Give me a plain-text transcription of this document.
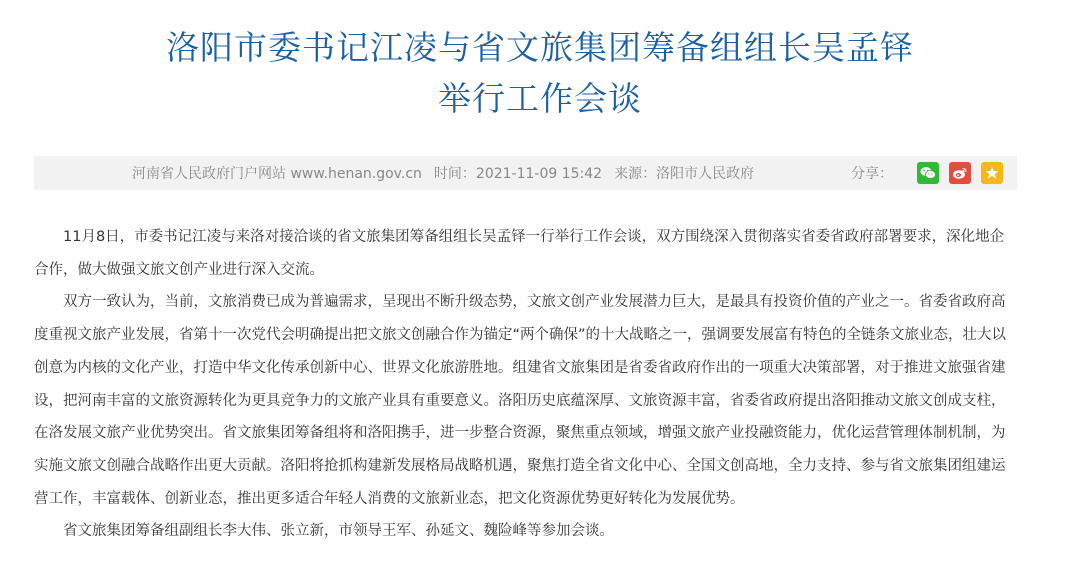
洛阳市委书记江凌与省文旅集团筹备组组长吴孟铎
举行工作会谈
河南省人民政府门户网站 www.henan.gov.cn 时间：2021-11-09 15:42 来源：洛阳市人民政府	分享：

11月8日，市委书记江凌与来洛对接洽谈的省文旅集团筹备组组长吴孟铎一行举行工作会谈，双方围绕深入贯彻落实省委省政府部署要求，深化地企合作，做大做强文旅文创产业进行深入交流。

双方一致认为，当前，文旅消费已成为普遍需求，呈现出不断升级态势，文旅文创产业发展潜力巨大，是最具有投资价值的产业之一。省委省政府高度重视文旅产业发展，省第十一次党代会明确提出把文旅文创融合作为锚定“两个确保”的十大战略之一，强调要发展富有特色的全链条文旅业态，壮大以创意为内核的文化产业，打造中华文化传承创新中心、世界文化旅游胜地。组建省文旅集团是省委省政府作出的一项重大决策部署，对于推进文旅强省建设，把河南丰富的文旅资源转化为更具竞争力的文旅产业具有重要意义。洛阳历史底蕴深厚、文旅资源丰富，省委省政府提出洛阳推动文旅文创成支柱，在洛发展文旅产业优势突出。省文旅集团筹备组将和洛阳携手，进一步整合资源，聚焦重点领域，增强文旅产业投融资能力，优化运营管理体制机制，为实施文旅文创融合战略作出更大贡献。洛阳将抢抓构建新发展格局战略机遇，聚焦打造全省文化中心、全国文创高地，全力支持、参与省文旅集团组建运营工作，丰富载体、创新业态，推出更多适合年轻人消费的文旅新业态，把文化资源优势更好转化为发展优势。

省文旅集团筹备组副组长李大伟、张立新，市领导王军、孙延文、魏险峰等参加会谈。
